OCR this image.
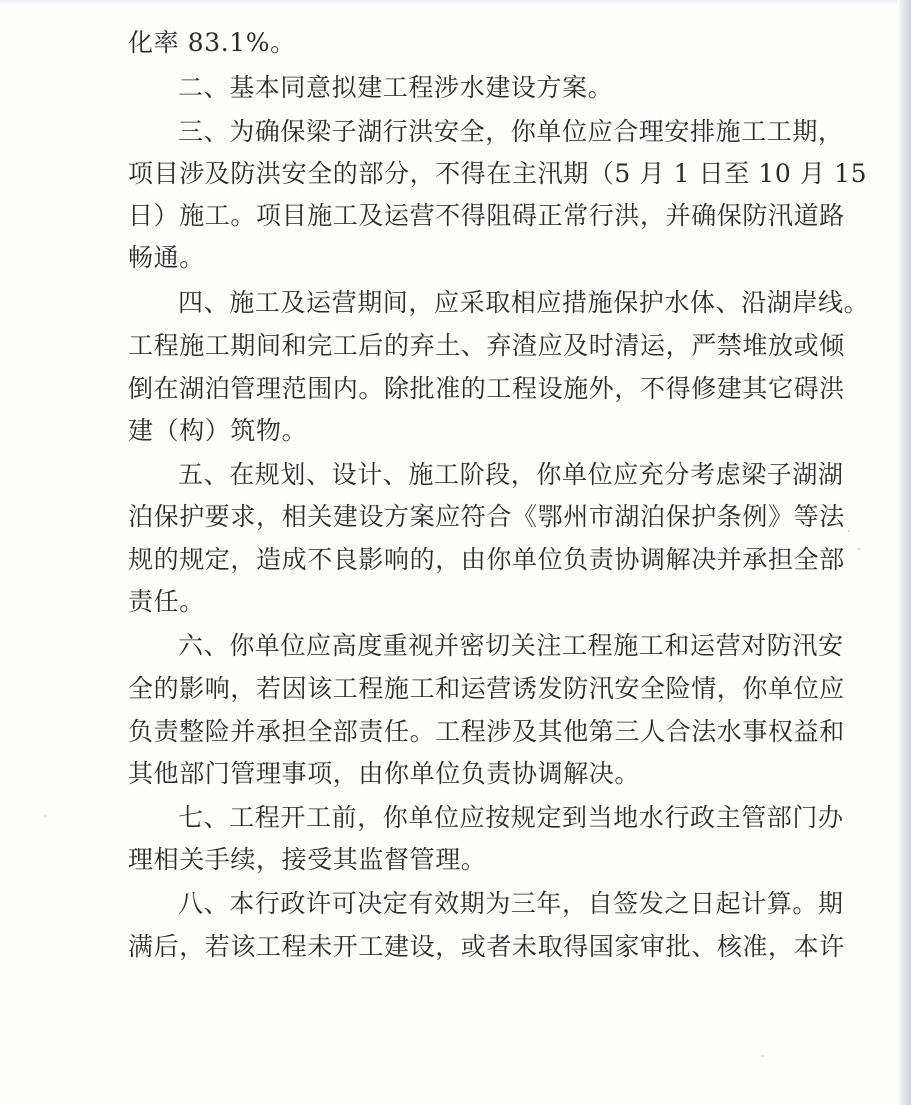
化率 83.1%。
二、基本同意拟建工程涉水建设方案。
三、为确保梁子湖行洪安全，你单位应合理安排施工工期，
项目涉及防洪安全的部分，不得在主汛期（5 月 1 日至 10 月 15
日）施工。项目施工及运营不得阻碍正常行洪，并确保防汛道路
畅通。
四、施工及运营期间，应采取相应措施保护水体、沿湖岸线。
工程施工期间和完工后的弃土、弃渣应及时清运，严禁堆放或倾
倒在湖泊管理范围内。除批准的工程设施外，不得修建其它碍洪
建（构）筑物。
五、在规划、设计、施工阶段，你单位应充分考虑梁子湖湖
泊保护要求，相关建设方案应符合《鄂州市湖泊保护条例》等法
规的规定，造成不良影响的，由你单位负责协调解决并承担全部
责任。
六、你单位应高度重视并密切关注工程施工和运营对防汛安
全的影响，若因该工程施工和运营诱发防汛安全险情，你单位应
负责整险并承担全部责任。工程涉及其他第三人合法水事权益和
其他部门管理事项，由你单位负责协调解决。
七、工程开工前，你单位应按规定到当地水行政主管部门办
理相关手续，接受其监督管理。
八、本行政许可决定有效期为三年，自签发之日起计算。期
满后，若该工程未开工建设，或者未取得国家审批、核准，本许
